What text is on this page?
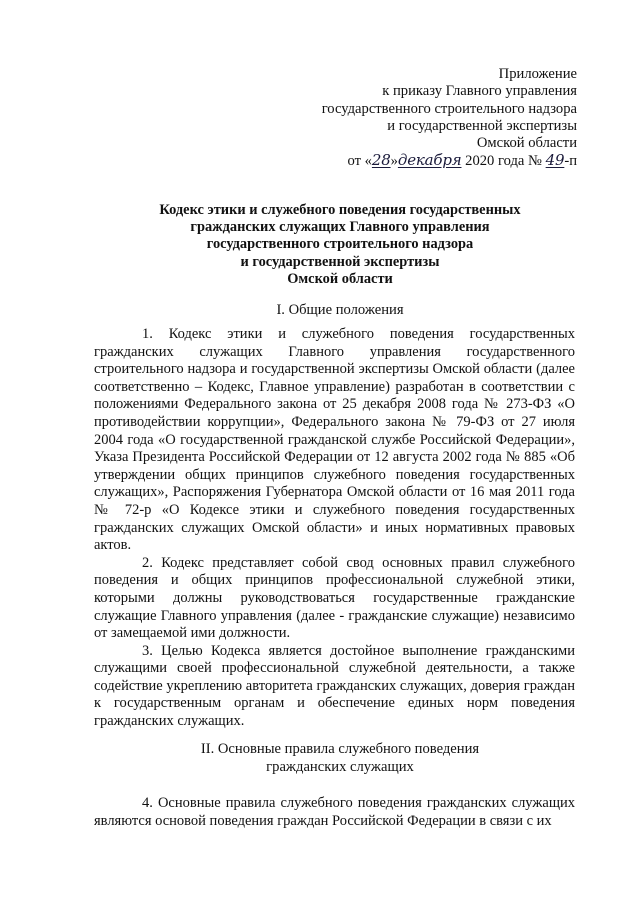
Приложение
к приказу Главного управления
государственного строительного надзора
и государственной экспертизы
Омской области
от «28»декабря 2020 года № 49-п
Кодекс этики и служебного поведения государственных
гражданских служащих Главного управления
государственного строительного надзора
и государственной экспертизы
Омской области
I. Общие положения

1. Кодекс этики и служебного поведения государственных гражданских служащих Главного управления государственного строительного надзора и государственной экспертизы Омской области (далее соответственно – Кодекс, Главное управление) разработан в соответствии с положениями Федерального закона от 25 декабря 2008 года № 273-ФЗ «О противодействии коррупции», Федерального закона № 79-ФЗ от 27 июля 2004 года «О государственной гражданской службе Российской Федерации», Указа Президента Российской Федерации от 12 августа 2002 года № 885 «Об утверждении общих принципов служебного поведения государственных служащих», Распоряжения Губернатора Омской области от 16 мая 2011 года № 72-р «О Кодексе этики и служебного поведения государственных гражданских служащих Омской области» и иных нормативных правовых актов.

2. Кодекс представляет собой свод основных правил служебного поведения и общих принципов профессиональной служебной этики, которыми должны руководствоваться государственные гражданские служащие Главного управления (далее - гражданские служащие) независимо от замещаемой ими должности.

3. Целью Кодекса является достойное выполнение гражданскими служащими своей профессиональной служебной деятельности, а также содействие укреплению авторитета гражданских служащих, доверия граждан к государственным органам и обеспечение единых норм поведения гражданских служащих.

II. Основные правила служебного поведения
гражданских служащих

4. Основные правила служебного поведения гражданских служащих являются основой поведения граждан Российской Федерации в связи с их
